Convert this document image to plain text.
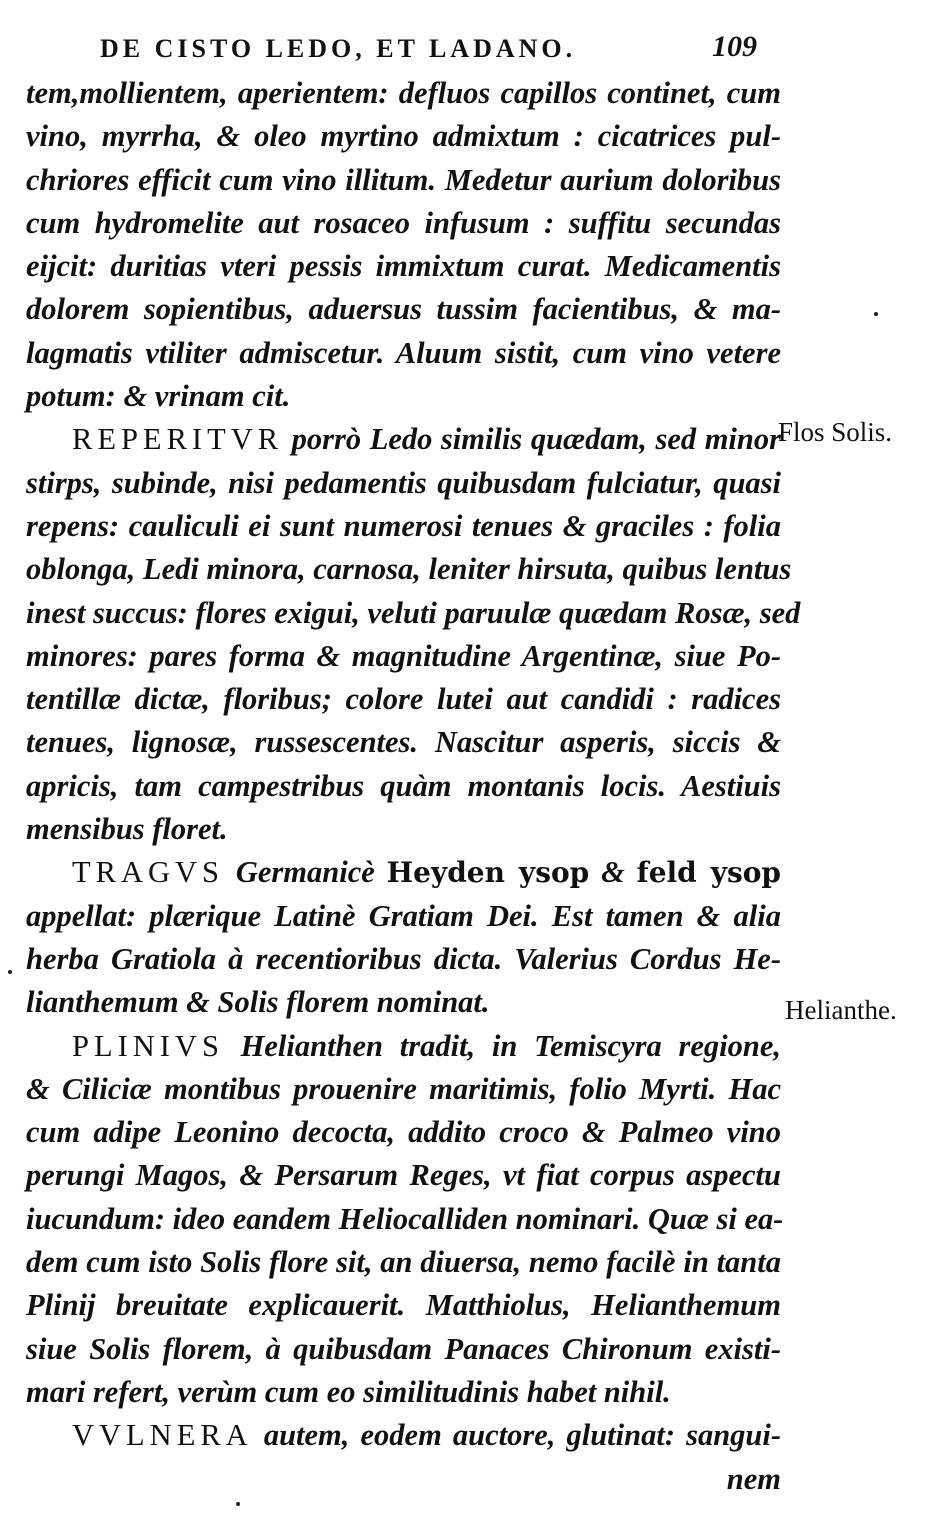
DE CISTO LEDO, ET LADANO.	109
tem,mollientem, aperientem: defluos capillos continet, cum
vino, myrrha, & oleo myrtino admixtum : cicatrices pul-
chriores efficit cum vino illitum. Medetur aurium doloribus
cum hydromelite aut rosaceo infusum : suffitu secundas
eijcit: duritias vteri pessis immixtum curat. Medicamentis
dolorem sopientibus, aduersus tussim facientibus, & ma-
lagmatis vtiliter admiscetur. Aluum sistit, cum vino vetere
potum: & vrinam cit.
REPERITVR porrò Ledo similis quædam, sed minor
stirps, subinde, nisi pedamentis quibusdam fulciatur, quasi
repens: cauliculi ei sunt numerosi tenues & graciles : folia
oblonga, Ledi minora, carnosa, leniter hirsuta, quibus lentus
inest succus: flores exigui, veluti paruulæ quædam Rosæ, sed
minores: pares forma & magnitudine Argentinæ, siue Po-
tentillæ dictæ, floribus; colore lutei aut candidi : radices
tenues, lignosæ, russescentes. Nascitur asperis, siccis &
apricis, tam campestribus quàm montanis locis. Aestiuis
mensibus floret.
TRAGVS Germanicè Heyden ysop & feld ysop
appellat: plærique Latinè Gratiam Dei. Est tamen & alia
herba Gratiola à recentioribus dicta. Valerius Cordus He-
lianthemum & Solis florem nominat.
PLINIVS Helianthen tradit, in Temiscyra regione,
& Ciliciæ montibus prouenire maritimis, folio Myrti. Hac
cum adipe Leonino decocta, addito croco & Palmeo vino
perungi Magos, & Persarum Reges, vt fiat corpus aspectu
iucundum: ideo eandem Heliocalliden nominari. Quæ si ea-
dem cum isto Solis flore sit, an diuersa, nemo facilè in tanta
Plinij breuitate explicauerit. Matthiolus, Helianthemum
siue Solis florem, à quibusdam Panaces Chironum existi-
mari refert, verùm cum eo similitudinis habet nihil.
VVLNERA autem, eodem auctore, glutinat: sangui-
nem
Flos Solis.
Helianthe.
